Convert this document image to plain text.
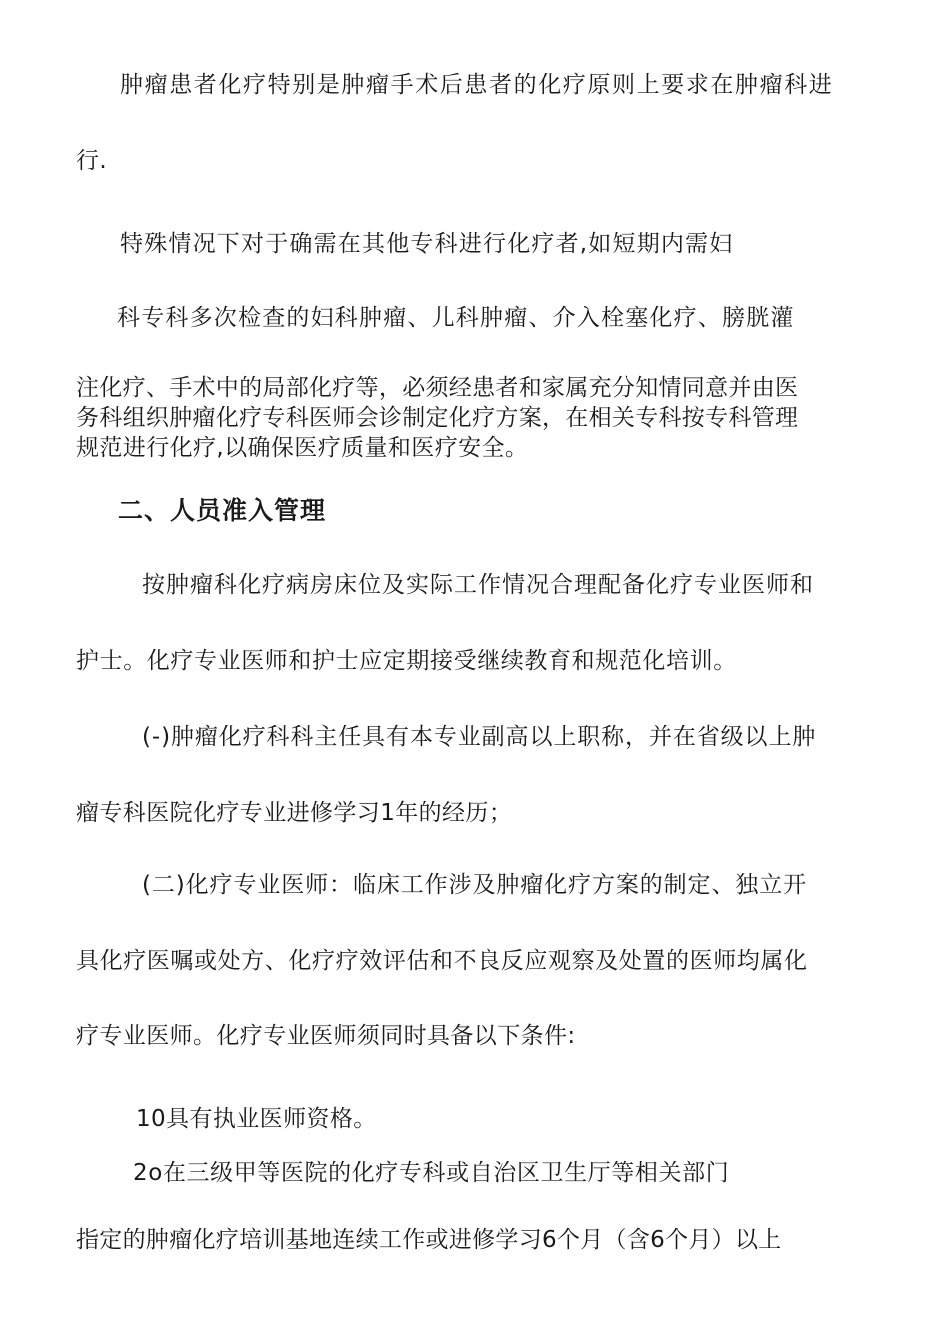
肿瘤患者化疗特别是肿瘤手术后患者的化疗原则上要求在肿瘤科进
行.
特殊情况下对于确需在其他专科进行化疗者,如短期内需妇
科专科多次检查的妇科肿瘤、儿科肿瘤、介入栓塞化疗、膀胱灌
注化疗、手术中的局部化疗等，必须经患者和家属充分知情同意并由医
务科组织肿瘤化疗专科医师会诊制定化疗方案，在相关专科按专科管理
规范进行化疗,以确保医疗质量和医疗安全。
二、人员准入管理
按肿瘤科化疗病房床位及实际工作情况合理配备化疗专业医师和
护士。化疗专业医师和护士应定期接受继续教育和规范化培训。
(-)肿瘤化疗科科主任具有本专业副高以上职称，并在省级以上肿
瘤专科医院化疗专业进修学习1年的经历；
(二)化疗专业医师：临床工作涉及肿瘤化疗方案的制定、独立开
具化疗医嘱或处方、化疗疗效评估和不良反应观察及处置的医师均属化
疗专业医师。化疗专业医师须同时具备以下条件:
10具有执业医师资格。
2o在三级甲等医院的化疗专科或自治区卫生厅等相关部门
指定的肿瘤化疗培训基地连续工作或进修学习6个月（含6个月）以上
